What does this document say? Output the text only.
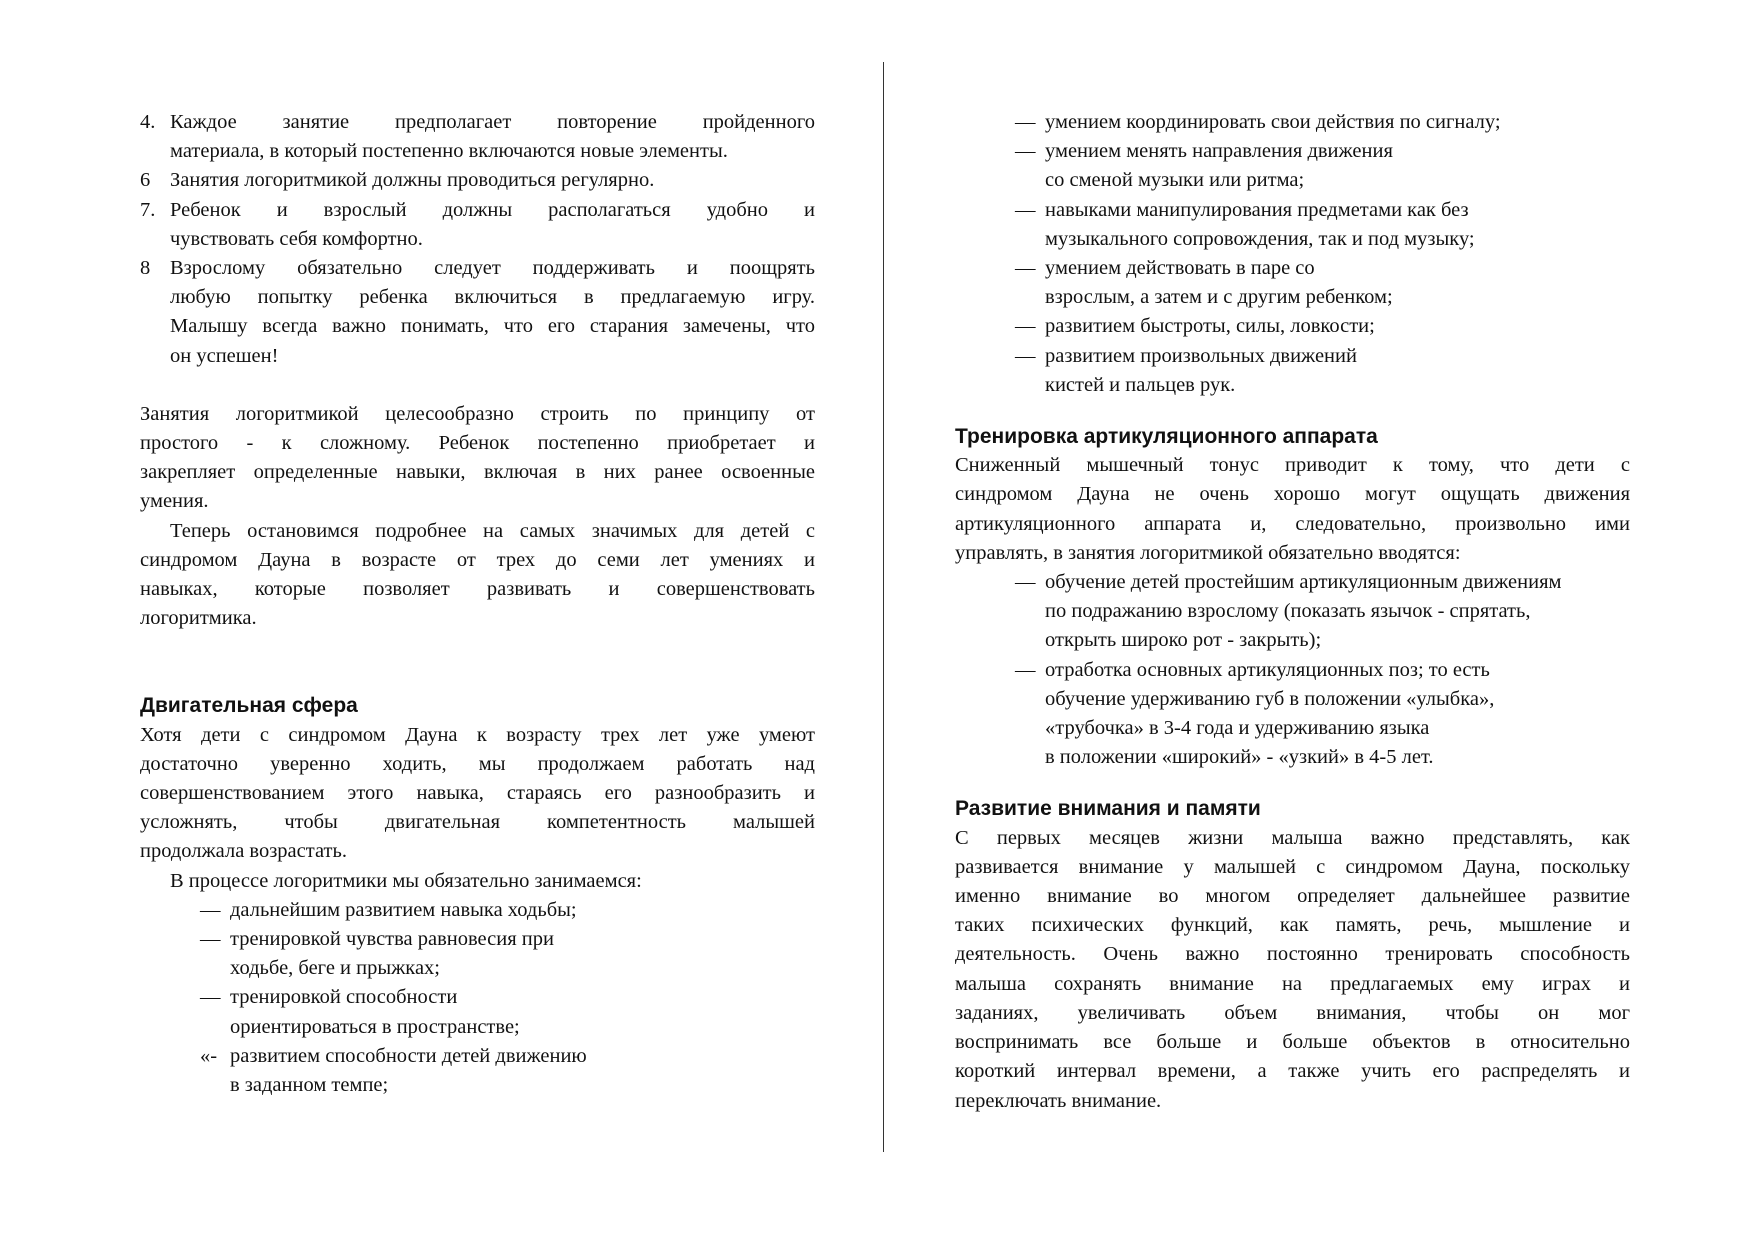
4. Каждое занятие предполагает повторение пройденного
материала, в который постепенно включаются новые элементы.
6 Занятия логоритмикой должны проводиться регулярно.
7. Ребенок и взрослый должны располагаться удобно и
чувствовать себя комфортно.
8 Взрослому обязательно следует поддерживать и поощрять
любую попытку ребенка включиться в предлагаемую игру.
Малышу всегда важно понимать, что его старания замечены, что
он успешен!
Занятия логоритмикой целесообразно строить по принципу от
простого - к сложному. Ребенок постепенно приобретает и
закрепляет определенные навыки, включая в них ранее освоенные
умения.
Теперь остановимся подробнее на самых значимых для детей с
синдромом Дауна в возрасте от трех до семи лет умениях и
навыках, которые позволяет развивать и совершенствовать
логоритмика.
Двигательная сфера
Хотя дети с синдромом Дауна к возрасту трех лет уже умеют
достаточно уверенно ходить, мы продолжаем работать над
совершенствованием этого навыка, стараясь его разнообразить и
усложнять, чтобы двигательная компетентность малышей
продолжала возрастать.
В процессе логоритмики мы обязательно занимаемся:
— дальнейшим развитием навыка ходьбы;
— тренировкой чувства равновесия при
ходьбе, беге и прыжках;
— тренировкой способности
ориентироваться в пространстве;
«- развитием способности детей движению
в заданном темпе;
— умением координировать свои действия по сигналу;
— умением менять направления движения
со сменой музыки или ритма;
— навыками манипулирования предметами как без
музыкального сопровождения, так и под музыку;
— умением действовать в паре со
взрослым, а затем и с другим ребенком;
— развитием быстроты, силы, ловкости;
— развитием произвольных движений
кистей и пальцев рук.
Тренировка артикуляционного аппарата
Сниженный мышечный тонус приводит к тому, что дети с
синдромом Дауна не очень хорошо могут ощущать движения
артикуляционного аппарата и, следовательно, произвольно ими
управлять, в занятия логоритмикой обязательно вводятся:
— обучение детей простейшим артикуляционным движениям
по подражанию взрослому (показать язычок - спрятать,
открыть широко рот - закрыть);
— отработка основных артикуляционных поз; то есть
обучение удерживанию губ в положении «улыбка»,
«трубочка» в 3-4 года и удерживанию языка
в положении «широкий» - «узкий» в 4-5 лет.
Развитие внимания и памяти
С первых месяцев жизни малыша важно представлять, как
развивается внимание у малышей с синдромом Дауна, поскольку
именно внимание во многом определяет дальнейшее развитие
таких психических функций, как память, речь, мышление и
деятельность. Очень важно постоянно тренировать способность
малыша сохранять внимание на предлагаемых ему играх и
заданиях, увеличивать объем внимания, чтобы он мог
воспринимать все больше и больше объектов в относительно
короткий интервал времени, а также учить его распределять и
переключать внимание.
